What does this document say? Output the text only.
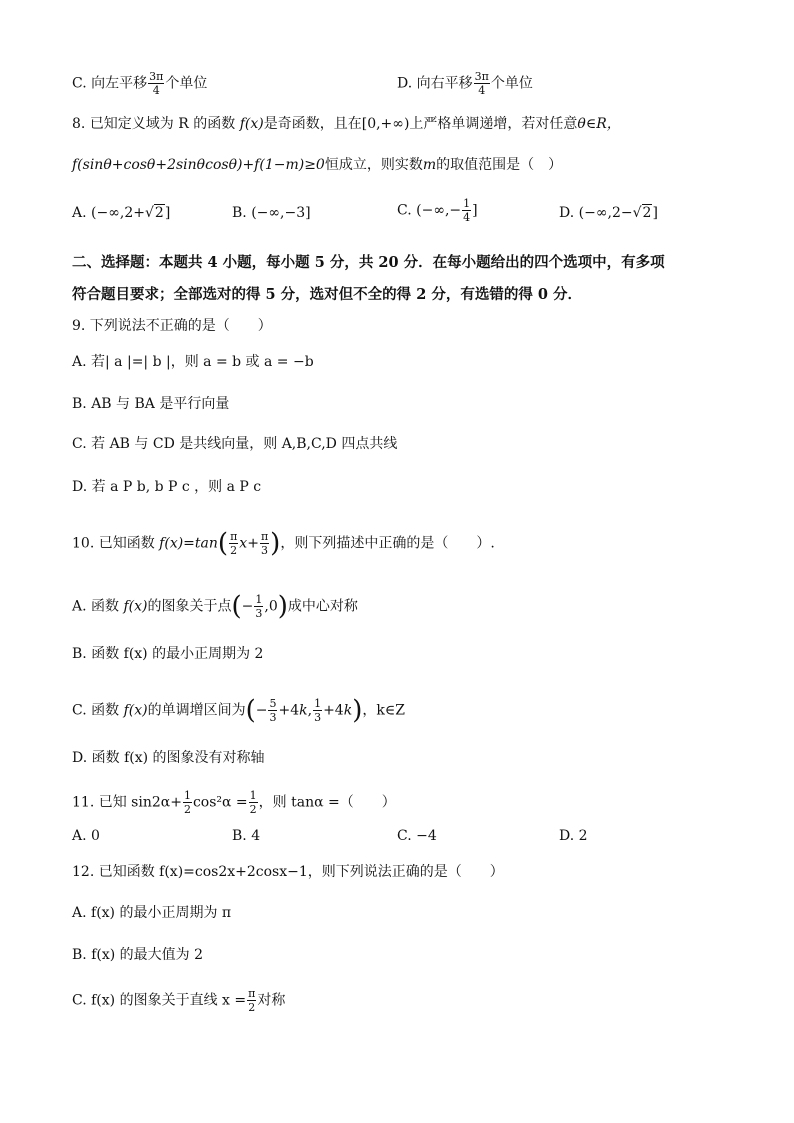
C. 向左平移 $\frac{3\pi}{4}$ 个单位	D. 向右平移 $\frac{3\pi}{4}$ 个单位
8. 已知定义域为 R 的函数 f(x)是奇函数，且在[0,+∞)上严格单调递增，若对任意θ∈R，
f(sinθ+cosθ+2sinθcosθ)+f(1−m)≥0恒成立，则实数m的取值范围是（　）
A. (−∞,2+√2]	B. (−∞,−3]	C. (−∞,− $\frac{1}{4}$ ]	D. (−∞,2−√2]
二、选择题：本题共 4 小题，每小题 5 分，共 20 分．在每小题给出的四个选项中，有多项
符合题目要求；全部选对的得 5 分，选对但不全的得 2 分，有选错的得 0 分．
9. 下列说法不正确的是（　　）
A. 若| a |=| b |，则 a = b 或 a = −b
B. AB 与 BA 是平行向量
C. 若 AB 与 CD 是共线向量，则 A,B,C,D 四点共线
D. 若 a P b, b P c ，则 a P c
10. 已知函数 $f(x)=\tan( \frac{\pi}{2} x+ \frac{\pi}{3}$ )，则下列描述中正确的是（　　）.
A. 函数 f(x)的图象关于点(− $\frac{1}{3} ,0$)成中心对称
B. 函数 f(x) 的最小正周期为 2
C. 函数 f(x)的单调增区间为(− $\frac{5}{3} +4k$, $\frac{1}{3} +4k$)，k∈Z
D. 函数 f(x) 的图象没有对称轴
11. 已知 $\sin 2\alpha+ \frac{1}{2} \cos^2\alpha = \frac{1}{2}$ ，则 tanα =（　　）
A. 0	B. 4	C. −4	D. 2
12. 已知函数 f(x)=cos2x+2cosx−1，则下列说法正确的是（　　）
A. f(x) 的最小正周期为 π
B. f(x) 的最大值为 2
C. f(x) 的图象关于直线 $x = \frac{\pi}{2}$ 对称
